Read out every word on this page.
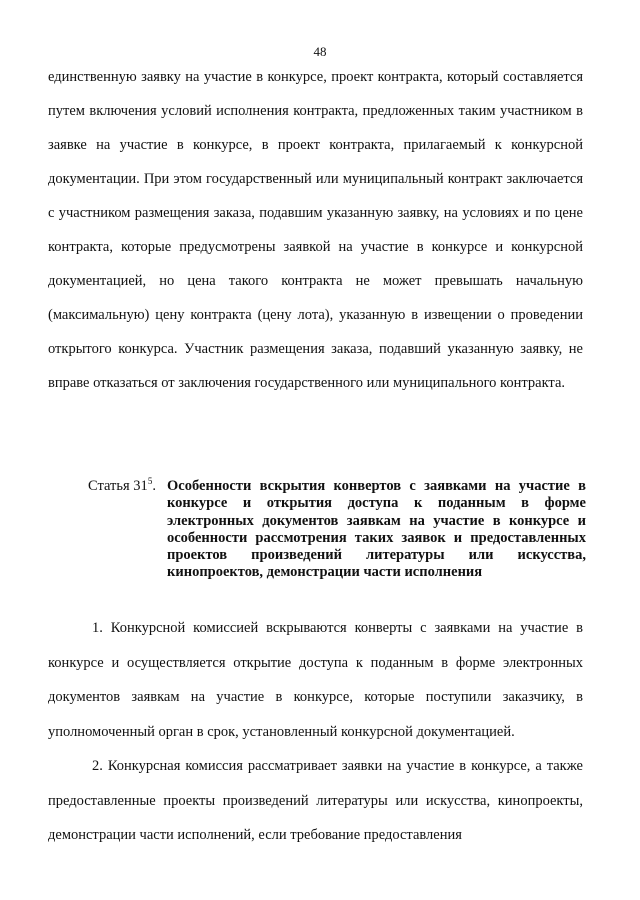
48

единственную заявку на участие в конкурсе, проект контракта, который составляется путем включения условий исполнения контракта, предложенных таким участником в заявке на участие в конкурсе, в проект контракта, прилагаемый к конкурсной документации. При этом государственный или муниципальный контракт заключается с участником размещения заказа, подавшим указанную заявку, на условиях и по цене контракта, которые предусмотрены заявкой на участие в конкурсе и конкурсной документацией, но цена такого контракта не может превышать начальную (максимальную) цену контракта (цену лота), указанную в извещении о проведении открытого конкурса. Участник размещения заказа, подавший указанную заявку, не вправе отказаться от заключения государственного или муниципального контракта.

Статья $31^5$. Особенности вскрытия конвертов с заявками на участие в конкурсе и открытия доступа к поданным в форме электронных документов заявкам на участие в конкурсе и особенности рассмотрения таких заявок и предоставленных проектов произведений литературы или искусства, кинопроектов, демонстрации части исполнения

1. Конкурсной комиссией вскрываются конверты с заявками на участие в конкурсе и осуществляется открытие доступа к поданным в форме электронных документов заявкам на участие в конкурсе, которые поступили заказчику, в уполномоченный орган в срок, установленный конкурсной документацией.

2. Конкурсная комиссия рассматривает заявки на участие в конкурсе, а также предоставленные проекты произведений литературы или искусства, кинопроекты, демонстрации части исполнений, если требование предоставления
